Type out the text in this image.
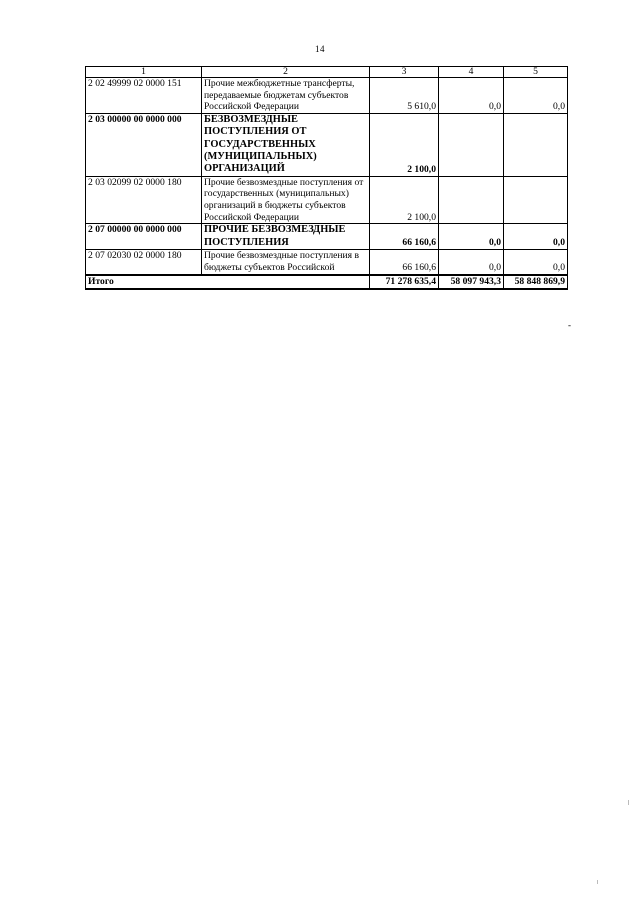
14
1	2	3	4	5
2 02 49999 02 0000 151	Прочие межбюджетные трансферты, передаваемые бюджетам субъектов Российской Федерации	5 610,0	0,0	0,0
2 03 00000 00 0000 000	БЕЗВОЗМЕЗДНЫЕ ПОСТУПЛЕНИЯ ОТ ГОСУДАРСТВЕННЫХ (МУНИЦИПАЛЬНЫХ) ОРГАНИЗАЦИЙ	2 100,0		
2 03 02099 02 0000 180	Прочие безвозмездные поступления от государственных (муниципальных) организаций в бюджеты субъектов Российской Федерации	2 100,0		
2 07 00000 00 0000 000	ПРОЧИЕ БЕЗВОЗМЕЗДНЫЕ ПОСТУПЛЕНИЯ	66 160,6	0,0	0,0
2 07 02030 02 0000 180	Прочие безвозмездные поступления в бюджеты субъектов Российской	66 160,6	0,0	0,0
Итого		71 278 635,4	58 097 943,3	58 848 869,9
-
